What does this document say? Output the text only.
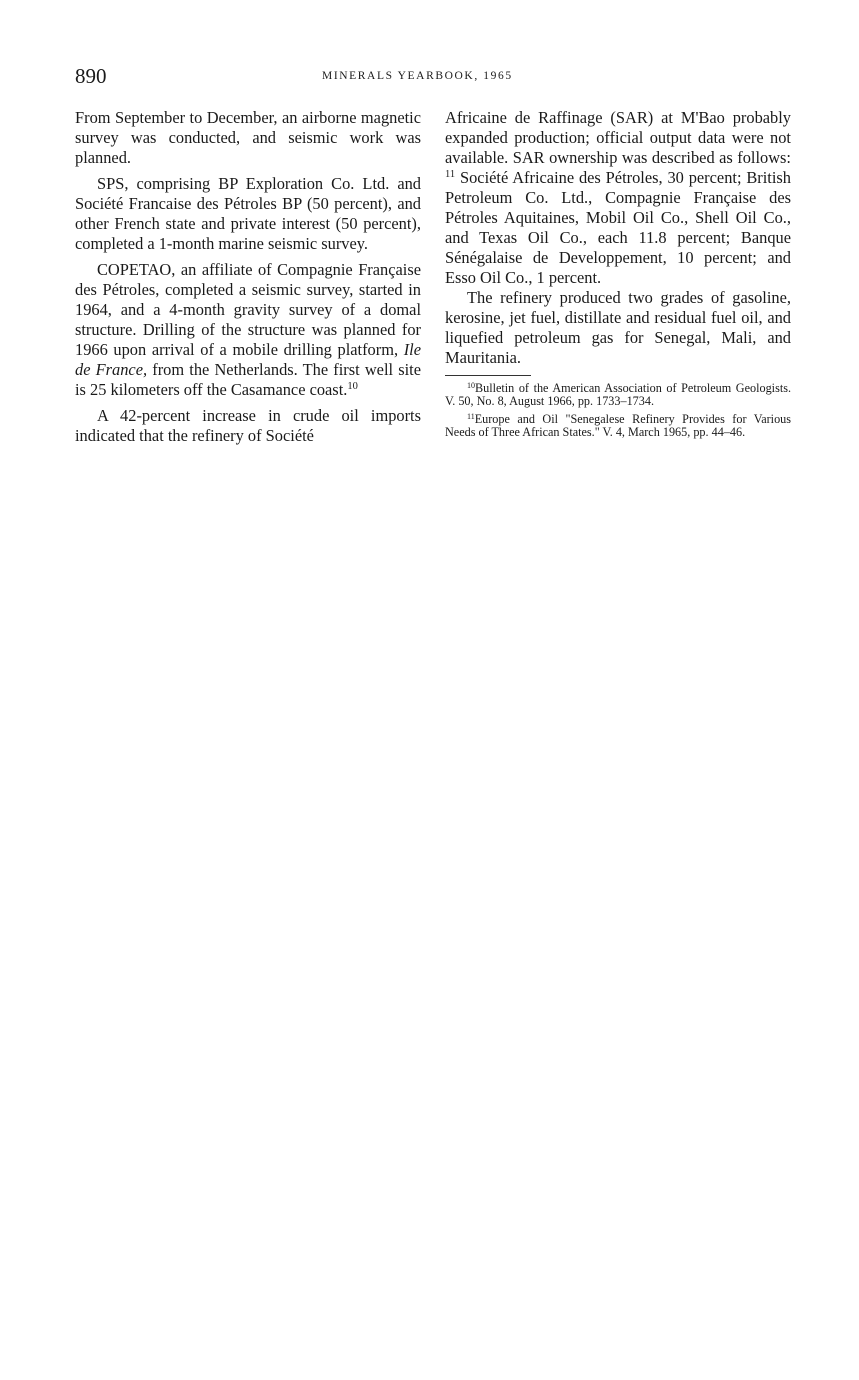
890	MINERALS YEARBOOK, 1965

From September to December, an airborne magnetic survey was conducted, and seismic work was planned.

SPS, comprising BP Exploration Co. Ltd. and Société Francaise des Pétroles BP (50 percent), and other French state and private interest (50 percent), completed a 1-month marine seismic survey.

COPETAO, an affiliate of Compagnie Française des Pétroles, completed a seismic survey, started in 1964, and a 4-month gravity survey of a domal structure. Drilling of the structure was planned for 1966 upon arrival of a mobile drilling platform, Ile de France, from the Netherlands. The first well site is 25 kilometers off the Casamance coast.$^{10}$

A 42-percent increase in crude oil imports indicated that the refinery of Société

Africaine de Raffinage (SAR) at M'Bao probably expanded production; official output data were not available. SAR ownership was described as follows: $^{11}$ Société Africaine des Pétroles, 30 percent; British Petroleum Co. Ltd., Compagnie Française des Pétroles Aquitaines, Mobil Oil Co., Shell Oil Co., and Texas Oil Co., each 11.8 percent; Banque Sénégalaise de Developpement, 10 percent; and Esso Oil Co., 1 percent.

The refinery produced two grades of gasoline, kerosine, jet fuel, distillate and residual fuel oil, and liquefied petroleum gas for Senegal, Mali, and Mauritania.

$^{10}$Bulletin of the American Association of Petroleum Geologists. V. 50, No. 8, August 1966, pp. 1733–1734.

$^{11}$Europe and Oil "Senegalese Refinery Provides for Various Needs of Three African States." V. 4, March 1965, pp. 44–46.
